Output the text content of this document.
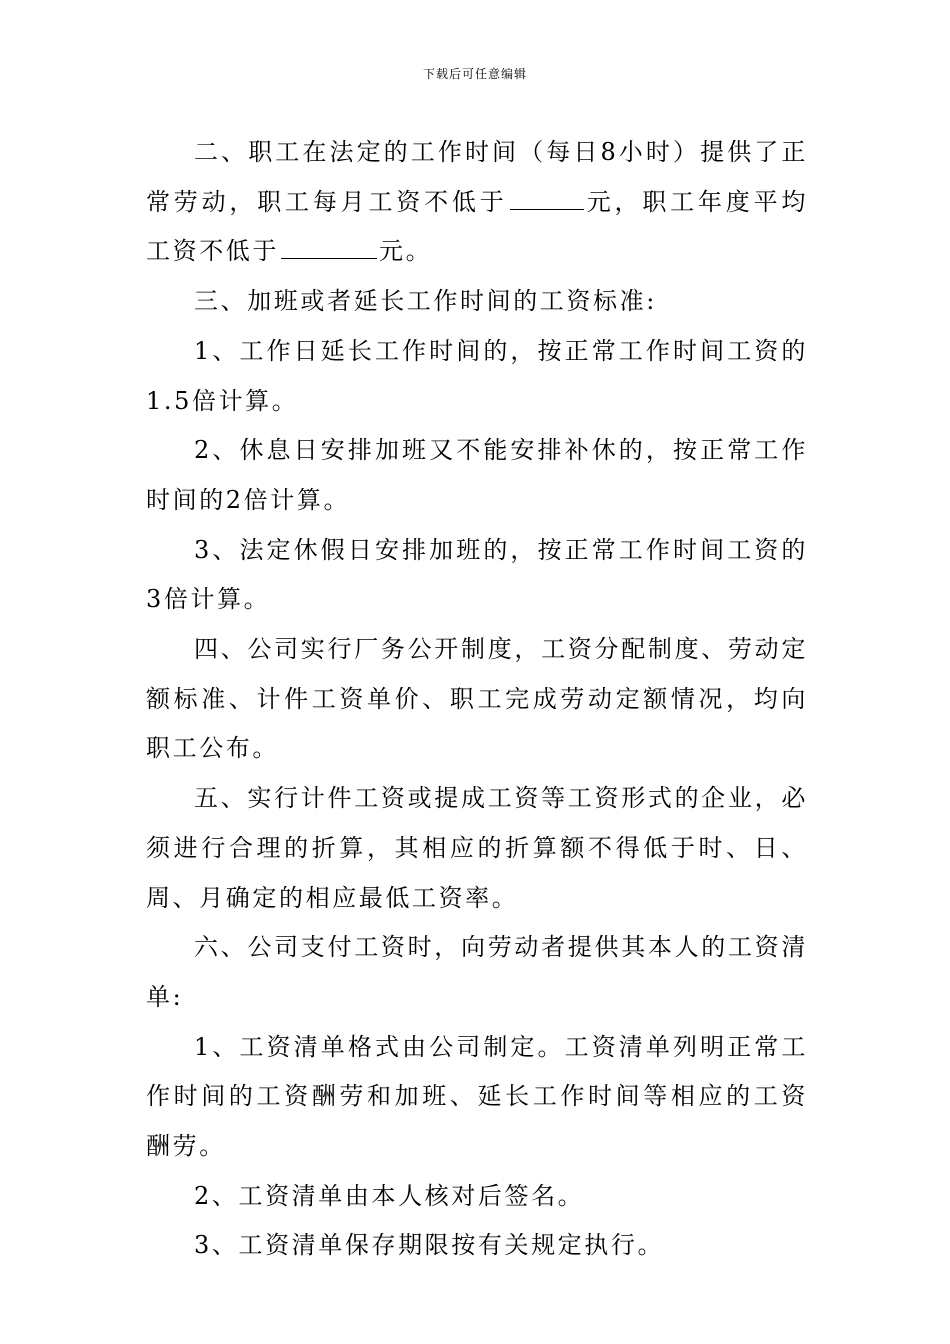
下载后可任意编辑

二、职工在法定的工作时间（每日8小时）提供了正常劳动，职工每月工资不低于	元，职工年度平均工资不低于	元。

三、加班或者延长工作时间的工资标准:

1、工作日延长工作时间的，按正常工作时间工资的1.5倍计算。

2、休息日安排加班又不能安排补休的，按正常工作时间的2倍计算。

3、法定休假日安排加班的，按正常工作时间工资的3倍计算。

四、公司实行厂务公开制度，工资分配制度、劳动定额标准、计件工资单价、职工完成劳动定额情况，均向职工公布。

五、实行计件工资或提成工资等工资形式的企业，必须进行合理的折算，其相应的折算额不得低于时、日、周、月确定的相应最低工资率。

六、公司支付工资时，向劳动者提供其本人的工资清单:

1、工资清单格式由公司制定。工资清单列明正常工作时间的工资酬劳和加班、延长工作时间等相应的工资酬劳。

2、工资清单由本人核对后签名。

3、工资清单保存期限按有关规定执行。
